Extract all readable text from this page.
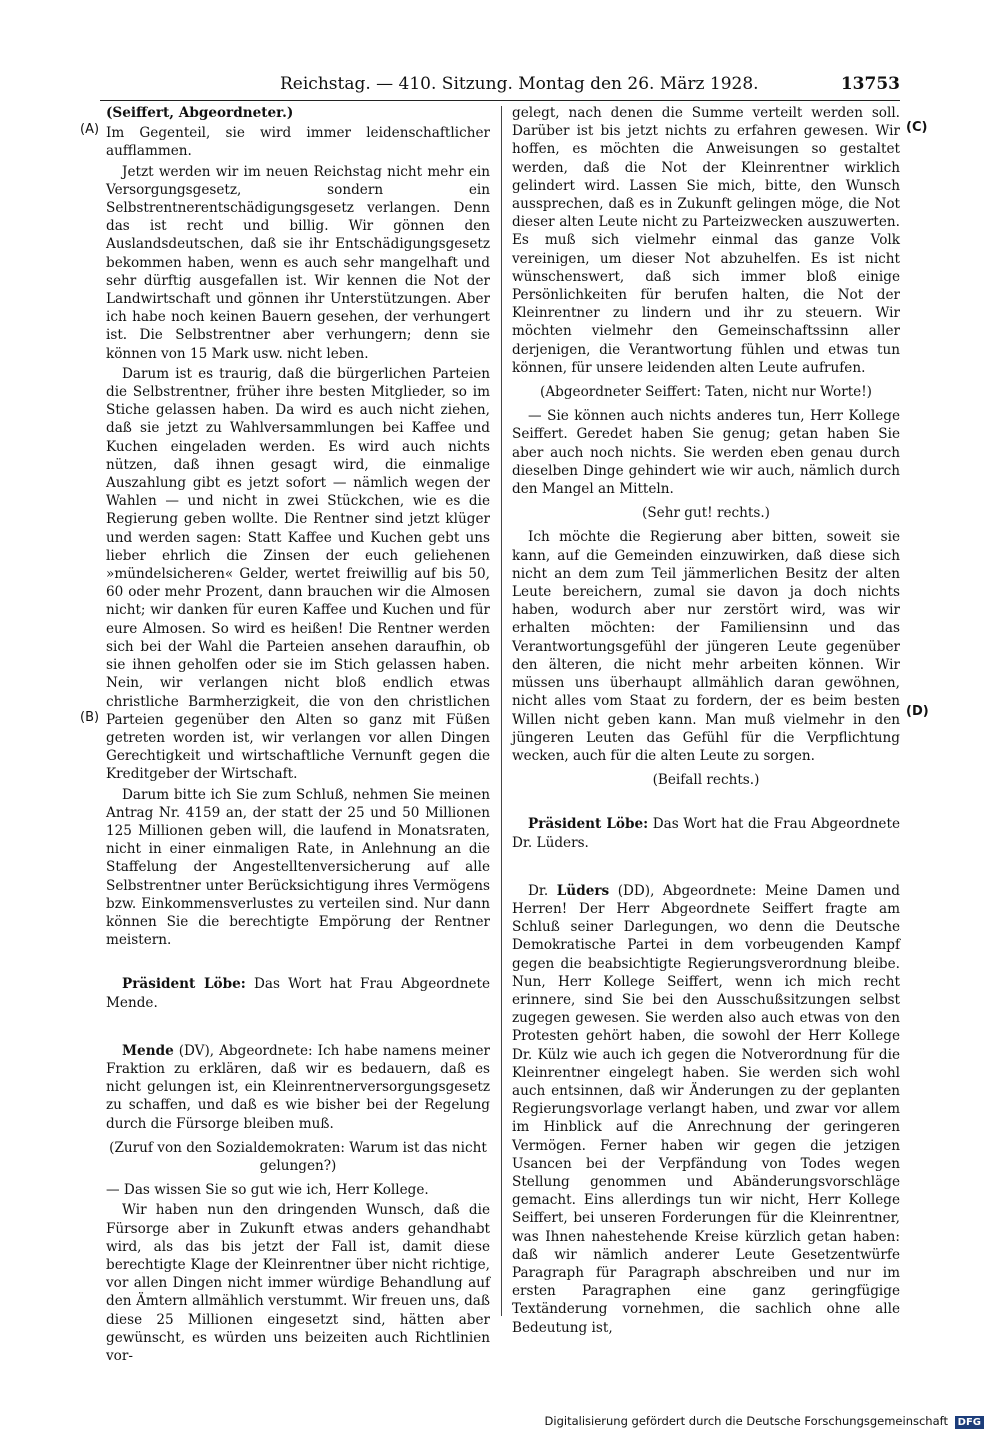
Reichstag. — 410. Sitzung. Montag den 26. März 1928.	13753
(A)
(B)
(C)
(D)

(Seiffert, Abgeordneter.)

Im Gegenteil, sie wird immer leidenschaftlicher aufflammen.

Jetzt werden wir im neuen Reichstag nicht mehr ein Versorgungsgesetz, sondern ein Selbstrentnerentschädigungsgesetz verlangen. Denn das ist recht und billig. Wir gönnen den Auslandsdeutschen, daß sie ihr Entschädigungsgesetz bekommen haben, wenn es auch sehr mangelhaft und sehr dürftig ausgefallen ist. Wir kennen die Not der Landwirtschaft und gönnen ihr Unterstützungen. Aber ich habe noch keinen Bauern gesehen, der verhungert ist. Die Selbstrentner aber verhungern; denn sie können von 15 Mark usw. nicht leben.

Darum ist es traurig, daß die bürgerlichen Parteien die Selbstrentner, früher ihre besten Mitglieder, so im Stiche gelassen haben. Da wird es auch nicht ziehen, daß sie jetzt zu Wahlversammlungen bei Kaffee und Kuchen eingeladen werden. Es wird auch nichts nützen, daß ihnen gesagt wird, die einmalige Auszahlung gibt es jetzt sofort — nämlich wegen der Wahlen — und nicht in zwei Stückchen, wie es die Regierung geben wollte. Die Rentner sind jetzt klüger und werden sagen: Statt Kaffee und Kuchen gebt uns lieber ehrlich die Zinsen der euch geliehenen »mündelsicheren« Gelder, wertet freiwillig auf bis 50, 60 oder mehr Prozent, dann brauchen wir die Almosen nicht; wir danken für euren Kaffee und Kuchen und für eure Almosen. So wird es heißen! Die Rentner werden sich bei der Wahl die Parteien ansehen daraufhin, ob sie ihnen geholfen oder sie im Stich gelassen haben. Nein, wir verlangen nicht bloß endlich etwas christliche Barmherzigkeit, die von den christlichen Parteien gegenüber den Alten so ganz mit Füßen getreten worden ist, wir verlangen vor allen Dingen Gerechtigkeit und wirtschaftliche Vernunft gegen die Kreditgeber der Wirtschaft.

Darum bitte ich Sie zum Schluß, nehmen Sie meinen Antrag Nr. 4159 an, der statt der 25 und 50 Millionen 125 Millionen geben will, die laufend in Monatsraten, nicht in einer einmaligen Rate, in Anlehnung an die Staffelung der Angestelltenversicherung auf alle Selbstrentner unter Berücksichtigung ihres Vermögens bzw. Einkommensverlustes zu verteilen sind. Nur dann können Sie die berechtigte Empörung der Rentner meistern.

Präsident Löbe: Das Wort hat Frau Abgeordnete Mende.

Mende (DV), Abgeordnete: Ich habe namens meiner Fraktion zu erklären, daß wir es bedauern, daß es nicht gelungen ist, ein Kleinrentnerversorgungsgesetz zu schaffen, und daß es wie bisher bei der Regelung durch die Fürsorge bleiben muß.

(Zuruf von den Sozialdemokraten: Warum ist das nicht gelungen?)

— Das wissen Sie so gut wie ich, Herr Kollege.

Wir haben nun den dringenden Wunsch, daß die Fürsorge aber in Zukunft etwas anders gehandhabt wird, als das bis jetzt der Fall ist, damit diese berechtigte Klage der Kleinrentner über nicht richtige, vor allen Dingen nicht immer würdige Behandlung auf den Ämtern allmählich verstummt. Wir freuen uns, daß diese 25 Millionen eingesetzt sind, hätten aber gewünscht, es würden uns beizeiten auch Richtlinien vor-

gelegt, nach denen die Summe verteilt werden soll. Darüber ist bis jetzt nichts zu erfahren gewesen. Wir hoffen, es möchten die Anweisungen so gestaltet werden, daß die Not der Kleinrentner wirklich gelindert wird. Lassen Sie mich, bitte, den Wunsch aussprechen, daß es in Zukunft gelingen möge, die Not dieser alten Leute nicht zu Parteizwecken auszuwerten. Es muß sich vielmehr einmal das ganze Volk vereinigen, um dieser Not abzuhelfen. Es ist nicht wünschenswert, daß sich immer bloß einige Persönlichkeiten für berufen halten, die Not der Kleinrentner zu lindern und ihr zu steuern. Wir möchten vielmehr den Gemeinschaftssinn aller derjenigen, die Verantwortung fühlen und etwas tun können, für unsere leidenden alten Leute aufrufen.

(Abgeordneter Seiffert: Taten, nicht nur Worte!)

— Sie können auch nichts anderes tun, Herr Kollege Seiffert. Geredet haben Sie genug; getan haben Sie aber auch noch nichts. Sie werden eben genau durch dieselben Dinge gehindert wie wir auch, nämlich durch den Mangel an Mitteln.

(Sehr gut! rechts.)

Ich möchte die Regierung aber bitten, soweit sie kann, auf die Gemeinden einzuwirken, daß diese sich nicht an dem zum Teil jämmerlichen Besitz der alten Leute bereichern, zumal sie davon ja doch nichts haben, wodurch aber nur zerstört wird, was wir erhalten möchten: der Familiensinn und das Verantwortungsgefühl der jüngeren Leute gegenüber den älteren, die nicht mehr arbeiten können. Wir müssen uns überhaupt allmählich daran gewöhnen, nicht alles vom Staat zu fordern, der es beim besten Willen nicht geben kann. Man muß vielmehr in den jüngeren Leuten das Gefühl für die Verpflichtung wecken, auch für die alten Leute zu sorgen.

(Beifall rechts.)

Präsident Löbe: Das Wort hat die Frau Abgeordnete Dr. Lüders.

Dr. Lüders (DD), Abgeordnete: Meine Damen und Herren! Der Herr Abgeordnete Seiffert fragte am Schluß seiner Darlegungen, wo denn die Deutsche Demokratische Partei in dem vorbeugenden Kampf gegen die beabsichtigte Regierungsverordnung bleibe. Nun, Herr Kollege Seiffert, wenn ich mich recht erinnere, sind Sie bei den Ausschußsitzungen selbst zugegen gewesen. Sie werden also auch etwas von den Protesten gehört haben, die sowohl der Herr Kollege Dr. Külz wie auch ich gegen die Notverordnung für die Kleinrentner eingelegt haben. Sie werden sich wohl auch entsinnen, daß wir Änderungen zu der geplanten Regierungsvorlage verlangt haben, und zwar vor allem im Hinblick auf die Anrechnung der geringeren Vermögen. Ferner haben wir gegen die jetzigen Usancen bei der Verpfändung von Todes wegen Stellung genommen und Abänderungsvorschläge gemacht. Eins allerdings tun wir nicht, Herr Kollege Seiffert, bei unseren Forderungen für die Kleinrentner, was Ihnen nahestehende Kreise kürzlich getan haben: daß wir nämlich anderer Leute Gesetzentwürfe Paragraph für Paragraph abschreiben und nur im ersten Paragraphen eine ganz geringfügige Textänderung vornehmen, die sachlich ohne alle Bedeutung ist,

Digitalisierung gefördert durch die Deutsche Forschungsgemeinschaft DFG
